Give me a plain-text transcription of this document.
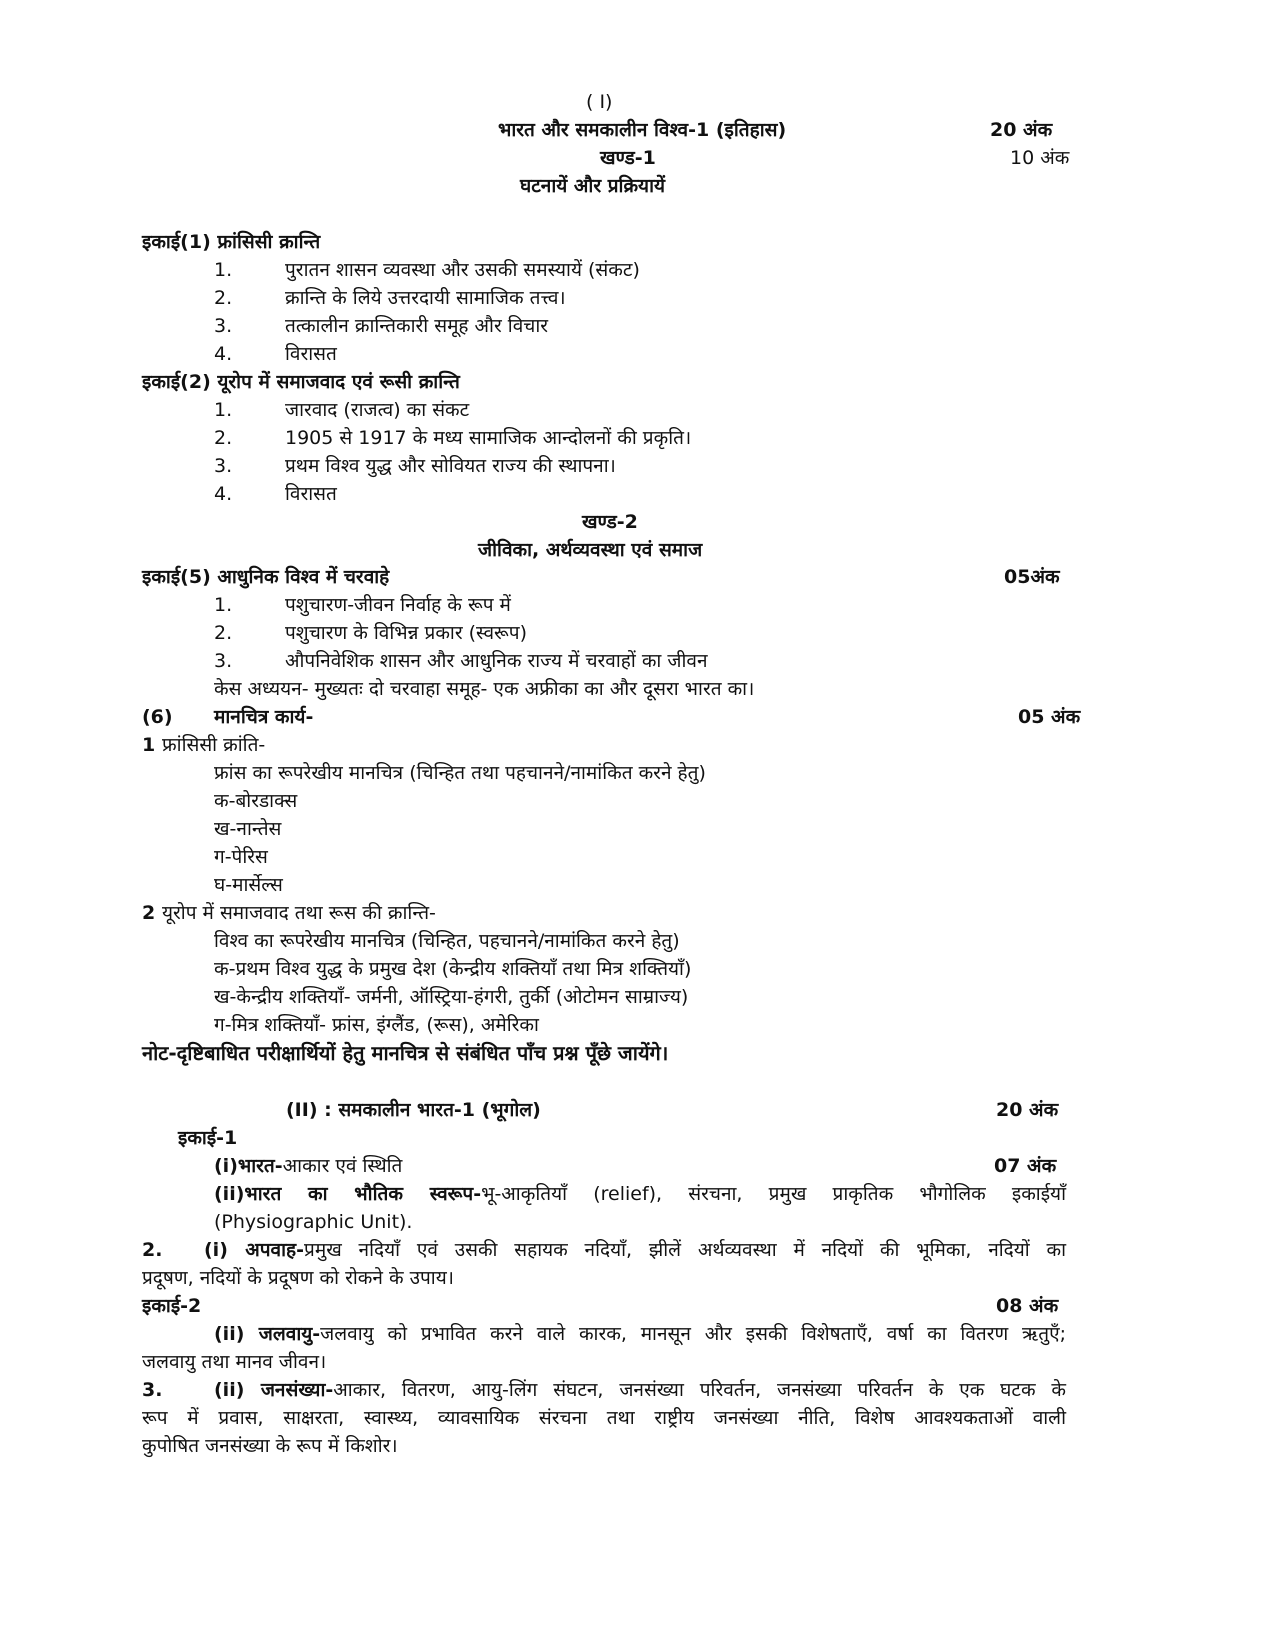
( I)
भारत और समकालीन विश्व-1 (इतिहास)	20 अंक
खण्ड-1	10 अंक
घटनायें और प्रक्रियायें
इकाई(1) फ्रांसिसी क्रान्ति
1.	पुरातन शासन व्यवस्था और उसकी समस्यायें (संकट)
2.	क्रान्ति के लिये उत्तरदायी सामाजिक तत्त्व।
3.	तत्कालीन क्रान्तिकारी समूह और विचार
4.	विरासत
इकाई(2) यूरोप में समाजवाद एवं रूसी क्रान्ति
1.	जारवाद (राजत्व) का संकट
2.	1905 से 1917 के मध्य सामाजिक आन्दोलनों की प्रकृति।
3.	प्रथम विश्व युद्ध और सोवियत राज्य की स्थापना।
4.	विरासत
खण्ड-2
जीविका, अर्थव्यवस्था एवं समाज
इकाई(5) आधुनिक विश्व में चरवाहे	05अंक
1.	पशुचारण-जीवन निर्वाह के रूप में
2.	पशुचारण के विभिन्न प्रकार (स्वरूप)
3.	औपनिवेशिक शासन और आधुनिक राज्य में चरवाहों का जीवन
केस अध्ययन- मुख्यतः दो चरवाहा समूह- एक अफ्रीका का और दूसरा भारत का।
(6) मानचित्र कार्य-	05 अंक
1 फ्रांसिसी क्रांति-
फ्रांस का रूपरेखीय मानचित्र (चिन्हित तथा पहचानने/नामांकित करने हेतु)
क-बोरडाक्स
ख-नान्तेस
ग-पेरिस
घ-मार्सेल्स
2 यूरोप में समाजवाद तथा रूस की क्रान्ति-
विश्व का रूपरेखीय मानचित्र (चिन्हित, पहचानने/नामांकित करने हेतु)
क-प्रथम विश्व युद्ध के प्रमुख देश (केन्द्रीय शक्तियाँ तथा मित्र शक्तियाँ)
ख-केन्द्रीय शक्तियाँ- जर्मनी, ऑस्ट्रिया-हंगरी, तुर्की (ओटोमन साम्राज्य)
ग-मित्र शक्तियाँ- फ्रांस, इंग्लैंड, (रूस), अमेरिका
नोट-दृष्टिबाधित परीक्षार्थियों हेतु मानचित्र से संबंधित पाँच प्रश्न पूँछे जायेंगे।
(II) : समकालीन भारत-1 (भूगोल)	20 अंक
इकाई-1
(i)भारत-आकार एवं स्थिति	07 अंक
(ii)भारत का भौतिक स्वरूप-भू-आकृतियाँ (relief), संरचना, प्रमुख प्राकृतिक भौगोलिक इकाईयाँ
(Physiographic Unit).
2. (i) अपवाह-प्रमुख नदियाँ एवं उसकी सहायक नदियाँ, झीलें अर्थव्यवस्था में नदियों की भूमिका, नदियों का
प्रदूषण, नदियों के प्रदूषण को रोकने के उपाय।
इकाई-2	08 अंक
(ii) जलवायु-जलवायु को प्रभावित करने वाले कारक, मानसून और इसकी विशेषताएँ, वर्षा का वितरण ऋतुएँ;
जलवायु तथा मानव जीवन।
3.	(ii) जनसंख्या-आकार, वितरण, आयु-लिंग संघटन, जनसंख्या परिवर्तन, जनसंख्या परिवर्तन के एक घटक के
रूप में प्रवास, साक्षरता, स्वास्थ्य, व्यावसायिक संरचना तथा राष्ट्रीय जनसंख्या नीति, विशेष आवश्यकताओं वाली
कुपोषित जनसंख्या के रूप में किशोर।
